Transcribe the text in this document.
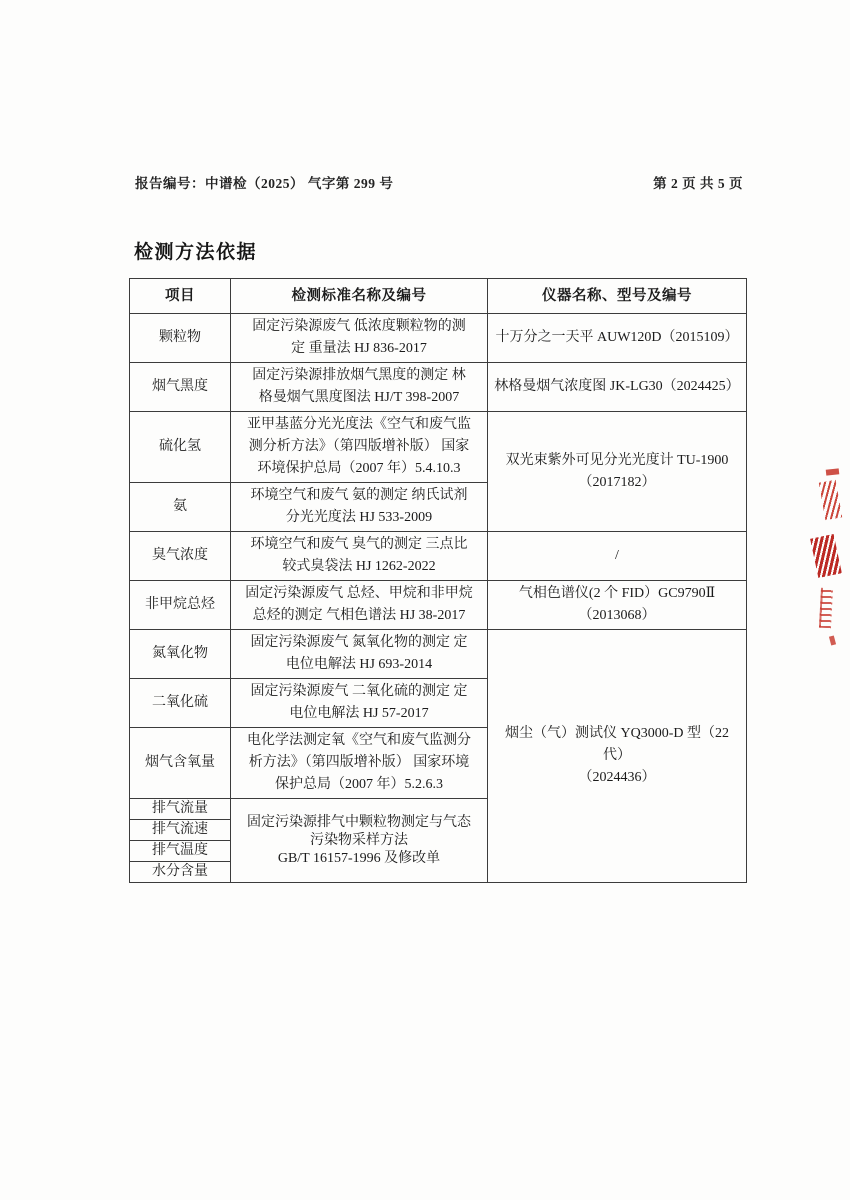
报告编号：中谱检（2025） 气字第 299 号	第 2 页 共 5 页
检测方法依据
项目	检测标准名称及编号	仪器名称、型号及编号
颗粒物	固定污染源废气 低浓度颗粒物的测
定 重量法 HJ 836-2017	十万分之一天平 AUW120D（2015109）
烟气黑度	固定污染源排放烟气黑度的测定 林
格曼烟气黑度图法 HJ/T 398-2007	林格曼烟气浓度图 JK-LG30（2024425）
硫化氢	亚甲基蓝分光光度法《空气和废气监
测分析方法》（第四版增补版） 国家
环境保护总局（2007 年）5.4.10.3	双光束紫外可见分光光度计 TU-1900
（2017182）
氨	环境空气和废气 氨的测定 纳氏试剂
分光光度法 HJ 533-2009	
臭气浓度	环境空气和废气 臭气的测定 三点比
较式臭袋法 HJ 1262-2022	/
非甲烷总烃	固定污染源废气 总烃、甲烷和非甲烷
总烃的测定 气相色谱法 HJ 38-2017	气相色谱仪(2 个 FID）GC9790Ⅱ
（2013068）
氮氧化物	固定污染源废气 氮氧化物的测定 定
电位电解法 HJ 693-2014	烟尘（气）测试仪 YQ3000-D 型（22 代）
（2024436）
二氧化硫	固定污染源废气 二氧化硫的测定 定
电位电解法 HJ 57-2017	
烟气含氧量	电化学法测定氧《空气和废气监测分
析方法》（第四版增补版） 国家环境
保护总局（2007 年）5.2.6.3	
排气流量	固定污染源排气中颗粒物测定与气态
污染物采样方法
GB/T 16157-1996 及修改单	
排气流速		
排气温度		
水分含量		
